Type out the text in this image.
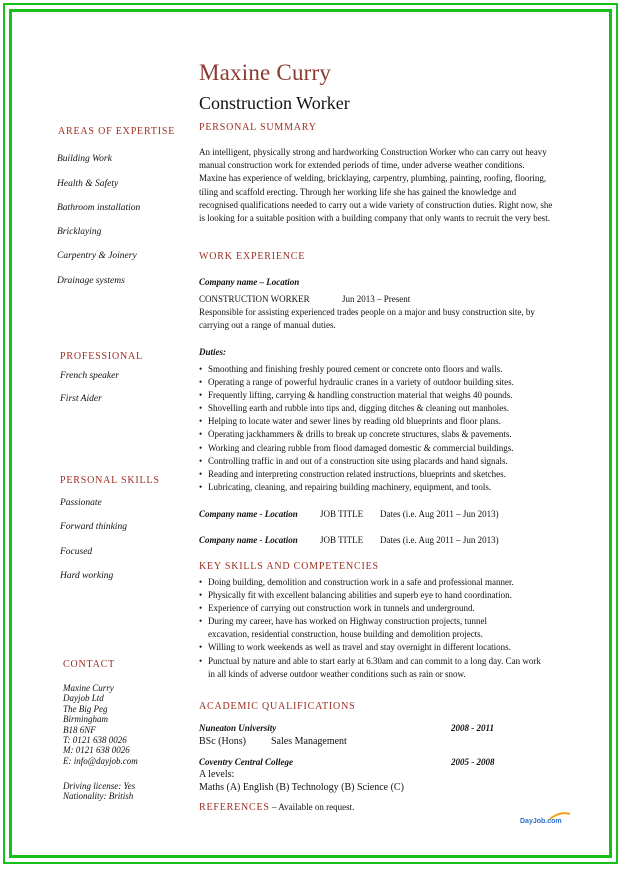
Maxine Curry
Construction Worker
AREAS OF EXPERTISE
Building Work
Health & Safety
Bathroom installation
Bricklaying
Carpentry & Joinery
Drainage systems
PROFESSIONAL
French speaker
First Aider
PERSONAL SKILLS
Passionate
Forward thinking
Focused
Hard working
CONTACT
Maxine Curry
Dayjob Ltd
The Big Peg
Birmingham
B18 6NF
T: 0121 638 0026
M: 0121 638 0026
E: info@dayjob.com
Driving license: Yes
Nationality: British
PERSONAL SUMMARY
An intelligent, physically strong and hardworking Construction Worker who can carry out heavy manual construction work for extended periods of time, under adverse weather conditions. Maxine has experience of welding, bricklaying, carpentry, plumbing, painting, roofing, flooring, tiling and scaffold erecting. Through her working life she has gained the knowledge and recognised qualifications needed to carry out a wide variety of construction duties. Right now, she is looking for a suitable position with a building company that only wants to recruit the very best.
WORK EXPERIENCE
Company name – Location
CONSTRUCTION WORKER	Jun 2013 – Present
Responsible for assisting experienced trades people on a major and busy construction site, by carrying out a range of manual duties.
Duties:
• Smoothing and finishing freshly poured cement or concrete onto floors and walls.
• Operating a range of powerful hydraulic cranes in a variety of outdoor building sites.
• Frequently lifting, carrying & handling construction material that weighs 40 pounds.
• Shovelling earth and rubble into tips and, digging ditches & cleaning out manholes.
• Helping to locate water and sewer lines by reading old blueprints and floor plans.
• Operating jackhammers & drills to break up concrete structures, slabs & pavements.
• Working and clearing rubble from flood damaged domestic & commercial buildings.
• Controlling traffic in and out of a construction site using placards and hand signals.
• Reading and interpreting construction related instructions, blueprints and sketches.
• Lubricating, cleaning, and repairing building machinery, equipment, and tools.
Company name - Location JOB TITLE Dates (i.e. Aug 2011 – Jun 2013)
Company name - Location JOB TITLE Dates (i.e. Aug 2011 – Jun 2013)
KEY SKILLS AND COMPETENCIES
• Doing building, demolition and construction work in a safe and professional manner.
• Physically fit with excellent balancing abilities and superb eye to hand coordination.
• Experience of carrying out construction work in tunnels and underground.
• During my career, have has worked on Highway construction projects, tunnel excavation, residential construction, house building and demolition projects.
• Willing to work weekends as well as travel and stay overnight in different locations.
• Punctual by nature and able to start early at 6.30am and can commit to a long day. Can work in all kinds of adverse outdoor weather conditions such as rain or snow.
ACADEMIC QUALIFICATIONS
Nuneaton University	2008 - 2011
BSc (Hons)	Sales Management
Coventry Central College	2005 - 2008
A levels:
Maths (A) English (B) Technology (B) Science (C)
REFERENCES – Available on request.
DayJob.com
